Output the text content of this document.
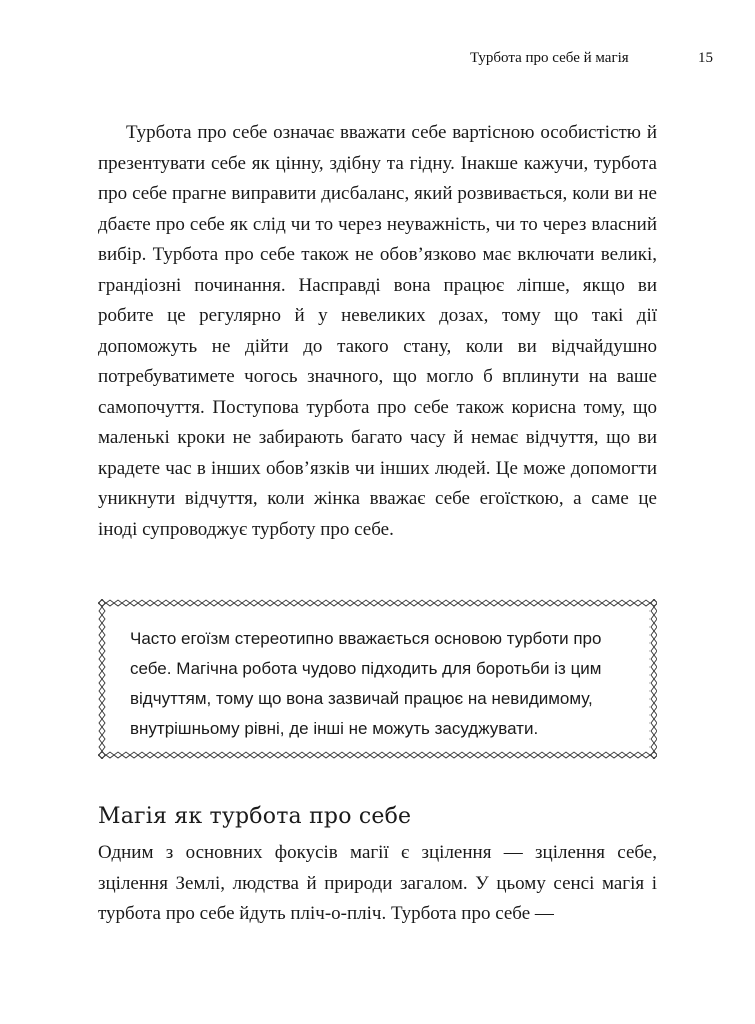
Турбота про себе й магія	15

Турбота про себе означає вважати себе вартісною особистістю й презентувати себе як цінну, здібну та гідну. Інакше кажучи, турбота про себе прагне виправити дисбаланс, який розвивається, коли ви не дбаєте про себе як слід чи то через неуважність, чи то через власний вибір. Турбота про себе також не обов’язково має включати великі, грандіозні починання. Насправді вона працює ліпше, якщо ви робите це регулярно й у невеликих дозах, тому що такі дії допоможуть не дійти до такого стану, коли ви відчайдушно потребуватимете чогось значного, що могло б вплинути на ваше самопочуття. Поступова турбота про себе також корисна тому, що маленькі кроки не забирають багато часу й немає відчуття, що ви крадете час в інших обов’язків чи інших людей. Це може допомогти уникнути відчуття, коли жінка вважає себе егоїсткою, а саме це іноді супроводжує турботу про себе.

Часто егоїзм стереотипно вважається основою турботи про себе. Магічна робота чудово підходить для боротьби із цим відчуттям, тому що вона зазвичай працює на невидимому, внутрішньому рівні, де інші не можуть засуджувати.

Магія як турбота про себе

Одним з основних фокусів магії є зцілення — зцілення себе, зцілення Землі, людства й природи загалом. У цьому сенсі магія і турбота про себе йдуть пліч-о-пліч. Турбота про себе —
